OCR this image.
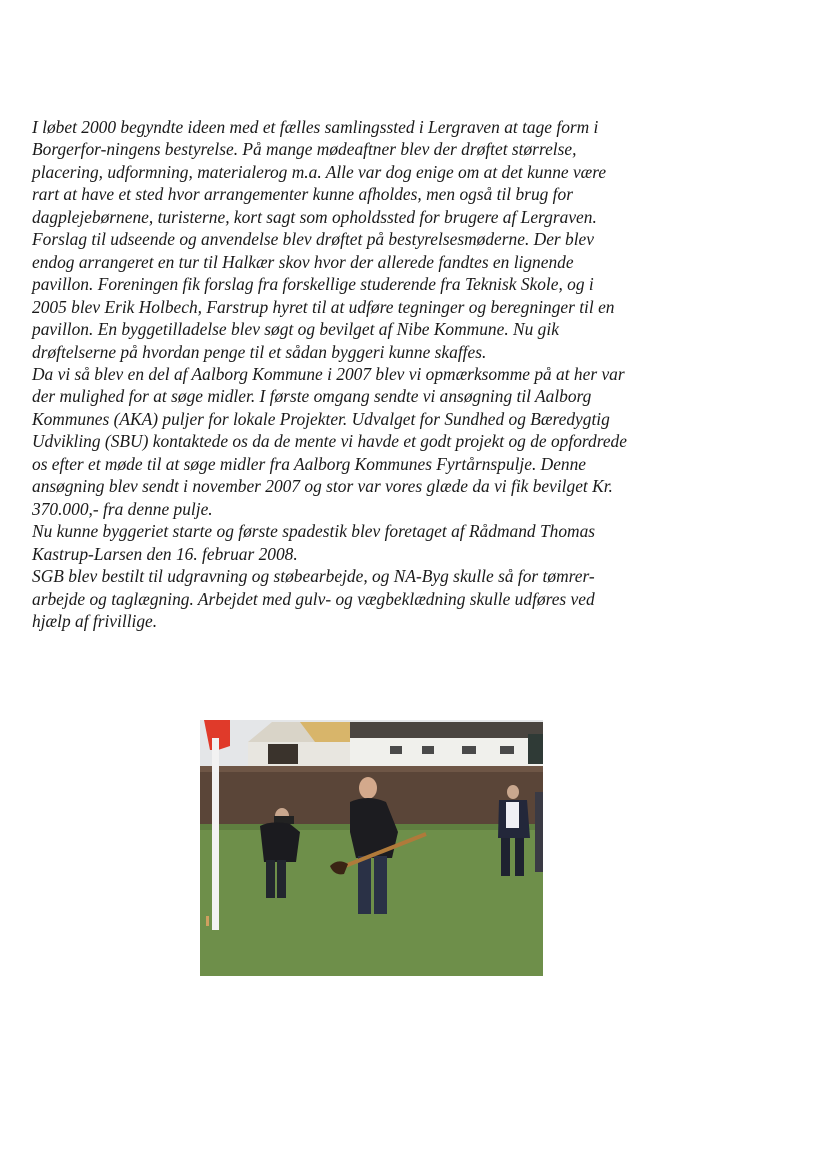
I løbet 2000 begyndte ideen med et fælles samlingssted i Lergraven at tage form i
Borgerfor-ningens bestyrelse. På mange mødeaftner blev der drøftet størrelse,
placering, udformning, materialerog m.a. Alle var dog enige om at det kunne være
rart at have et sted hvor arrangementer kunne afholdes, men også til brug for
dagplejebørnene, turisterne, kort sagt som opholdssted for brugere af Lergraven.
Forslag til udseende og anvendelse blev drøftet på bestyrelsesmøderne. Der blev
endog arrangeret en tur til Halkær skov hvor der allerede fandtes en lignende
pavillon. Foreningen fik forslag fra forskellige studerende fra Teknisk Skole, og i
2005 blev Erik Holbech, Farstrup hyret til at udføre tegninger og beregninger til en
pavillon. En byggetilladelse blev søgt og bevilget af Nibe Kommune. Nu gik
drøftelserne på hvordan penge til et sådan byggeri kunne skaffes.
Da vi så blev en del af Aalborg Kommune i 2007 blev vi opmærksomme på at her var
der mulighed for at søge midler. I første omgang sendte vi ansøgning til Aalborg
Kommunes (AKA) puljer for lokale Projekter. Udvalget for Sundhed og Bæredygtig
Udvikling (SBU) kontaktede os da de mente vi havde et godt projekt og de opfordrede
os efter et møde til at søge midler fra Aalborg Kommunes Fyrtårnspulje. Denne
ansøgning blev sendt i november 2007 og stor var vores glæde da vi fik bevilget Kr.
370.000,- fra denne pulje.
Nu kunne byggeriet starte og første spadestik blev foretaget af Rådmand Thomas
Kastrup-Larsen den 16. februar 2008.
SGB blev bestilt til udgravning og støbearbejde, og NA-Byg skulle så for tømrer-
arbejde og taglægning. Arbejdet med gulv- og vægbeklædning skulle udføres ved
hjælp af frivillige.
